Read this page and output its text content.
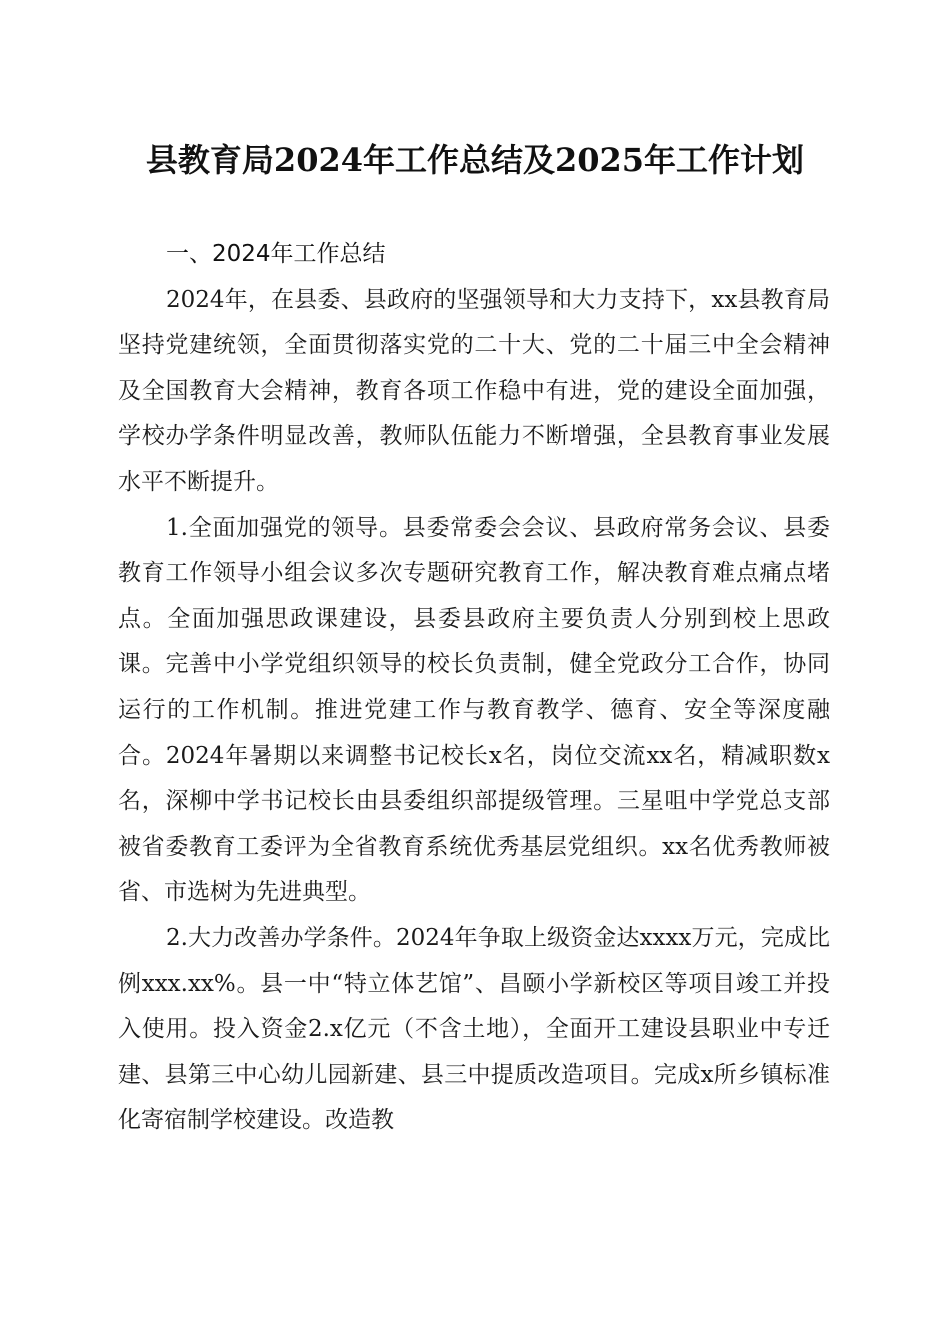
县教育局2024年工作总结及2025年工作计划

一、2024年工作总结

2024年，在县委、县政府的坚强领导和大力支持下，xx县教育局坚持党建统领，全面贯彻落实党的二十大、党的二十届三中全会精神及全国教育大会精神，教育各项工作稳中有进，党的建设全面加强，学校办学条件明显改善，教师队伍能力不断增强，全县教育事业发展水平不断提升。

1.全面加强党的领导。县委常委会会议、县政府常务会议、县委教育工作领导小组会议多次专题研究教育工作，解决教育难点痛点堵点。全面加强思政课建设，县委县政府主要负责人分别到校上思政课。完善中小学党组织领导的校长负责制，健全党政分工合作，协同运行的工作机制。推进党建工作与教育教学、德育、安全等深度融合。2024年暑期以来调整书记校长x名，岗位交流xx名，精减职数x名，深柳中学书记校长由县委组织部提级管理。三星咀中学党总支部被省委教育工委评为全省教育系统优秀基层党组织。xx名优秀教师被省、市选树为先进典型。

2.大力改善办学条件。2024年争取上级资金达xxxx万元，完成比例xxx.xx%。县一中“特立体艺馆”、昌颐小学新校区等项目竣工并投入使用。投入资金2.x亿元（不含土地），全面开工建设县职业中专迁建、县第三中心幼儿园新建、县三中提质改造项目。完成x所乡镇标准化寄宿制学校建设。改造教
